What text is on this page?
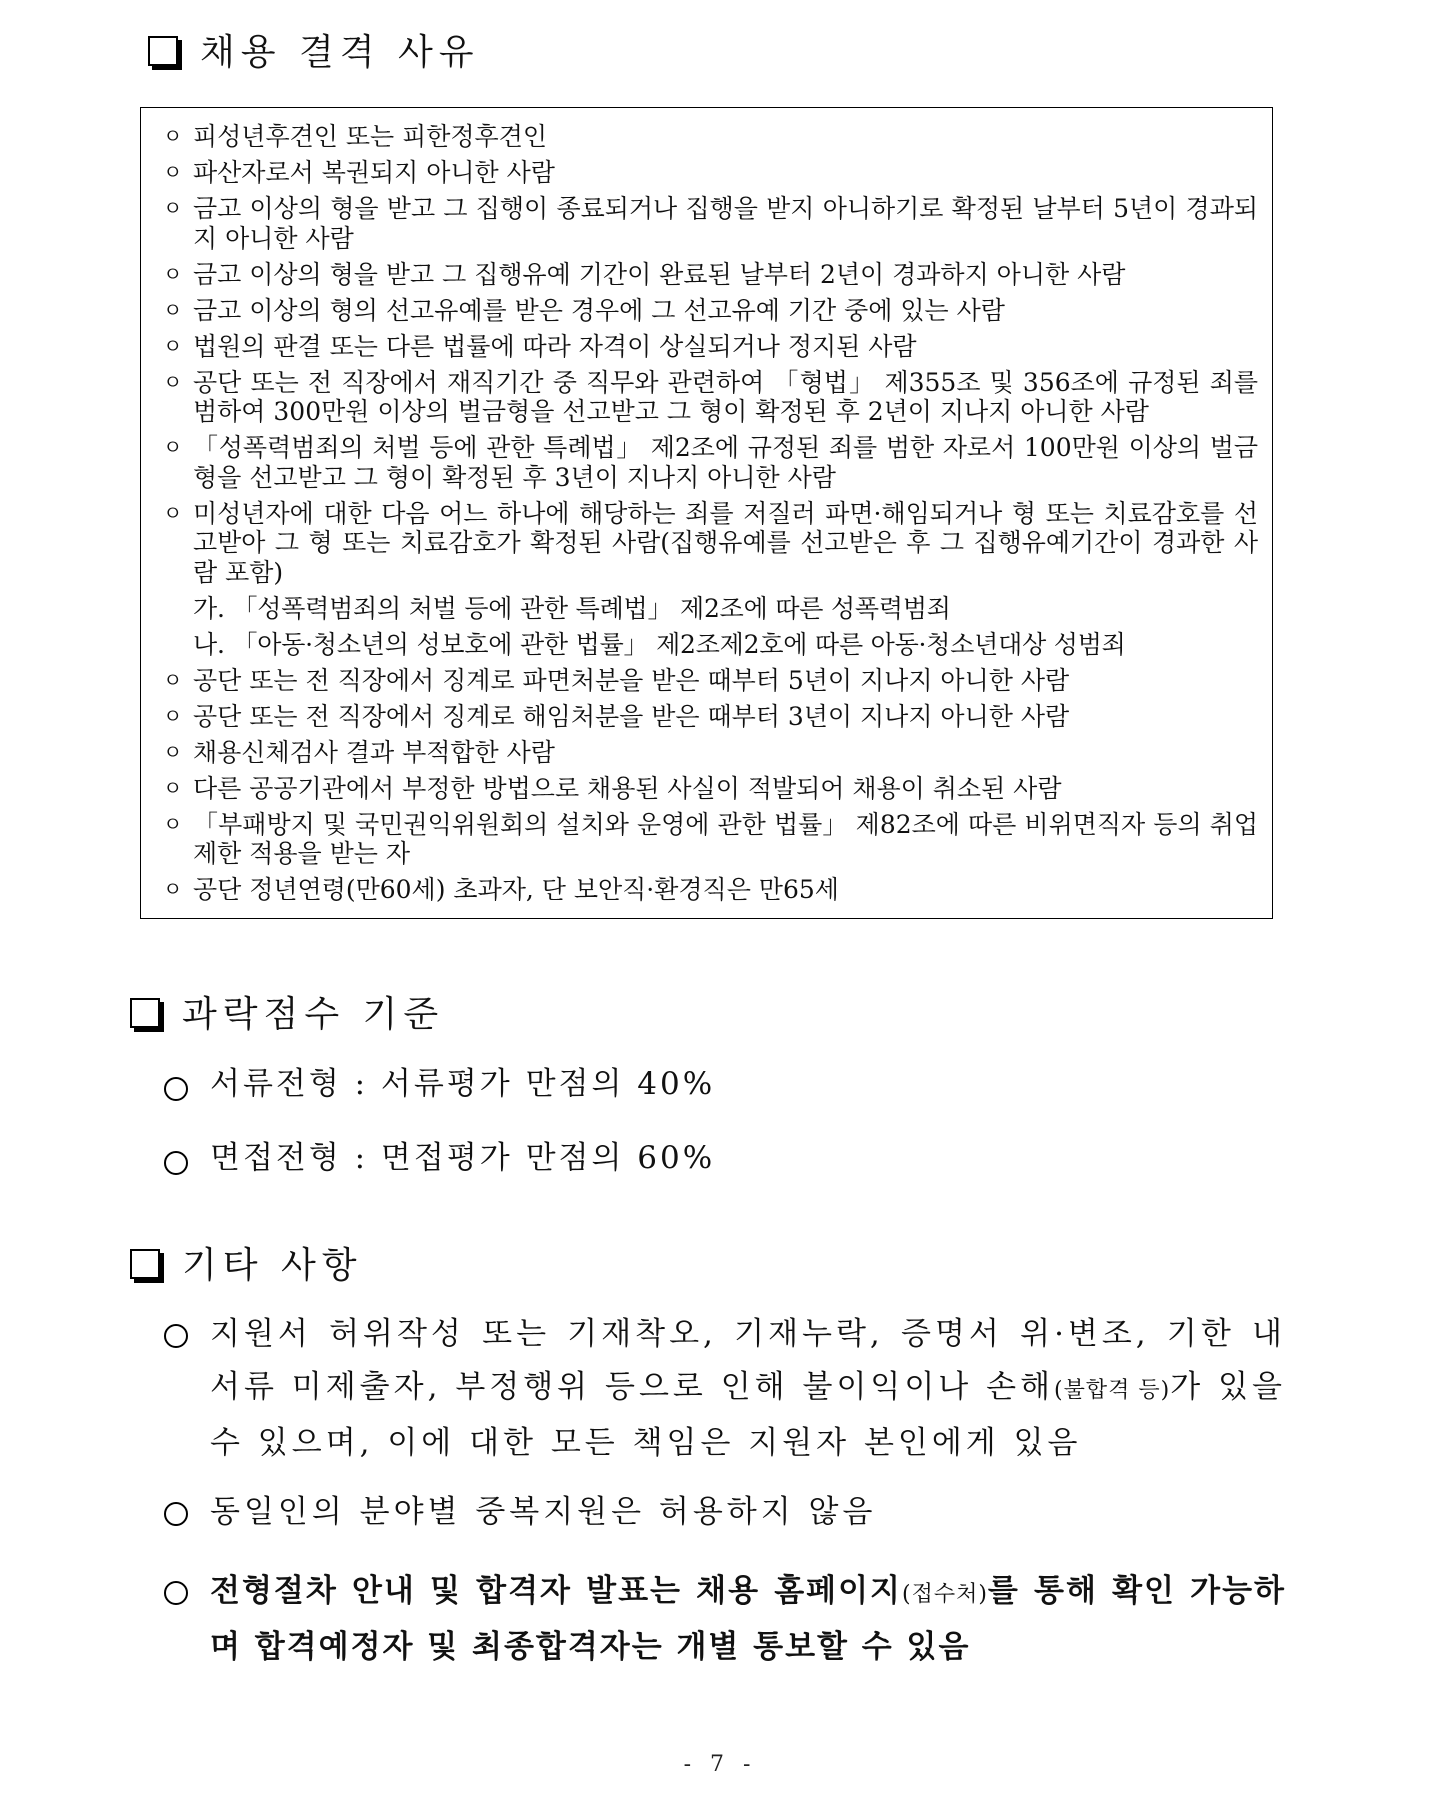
채용 결격 사유
ㅇ 피성년후견인 또는 피한정후견인
ㅇ 파산자로서 복권되지 아니한 사람
ㅇ 금고 이상의 형을 받고 그 집행이 종료되거나 집행을 받지 아니하기로 확정된 날부터 5년이 경과되지 아니한 사람
ㅇ 금고 이상의 형을 받고 그 집행유예 기간이 완료된 날부터 2년이 경과하지 아니한 사람
ㅇ 금고 이상의 형의 선고유예를 받은 경우에 그 선고유예 기간 중에 있는 사람
ㅇ 법원의 판결 또는 다른 법률에 따라 자격이 상실되거나 정지된 사람
ㅇ 공단 또는 전 직장에서 재직기간 중 직무와 관련하여 「형법」 제355조 및 356조에 규정된 죄를 범하여 300만원 이상의 벌금형을 선고받고 그 형이 확정된 후 2년이 지나지 아니한 사람
ㅇ 「성폭력범죄의 처벌 등에 관한 특례법」 제2조에 규정된 죄를 범한 자로서 100만원 이상의 벌금형을 선고받고 그 형이 확정된 후 3년이 지나지 아니한 사람
ㅇ 미성년자에 대한 다음 어느 하나에 해당하는 죄를 저질러 파면·해임되거나 형 또는 치료감호를 선고받아 그 형 또는 치료감호가 확정된 사람(집행유예를 선고받은 후 그 집행유예기간이 경과한 사람 포함)
가. 「성폭력범죄의 처벌 등에 관한 특례법」 제2조에 따른 성폭력범죄
나. 「아동·청소년의 성보호에 관한 법률」 제2조제2호에 따른 아동·청소년대상 성범죄
ㅇ 공단 또는 전 직장에서 징계로 파면처분을 받은 때부터 5년이 지나지 아니한 사람
ㅇ 공단 또는 전 직장에서 징계로 해임처분을 받은 때부터 3년이 지나지 아니한 사람
ㅇ 채용신체검사 결과 부적합한 사람
ㅇ 다른 공공기관에서 부정한 방법으로 채용된 사실이 적발되어 채용이 취소된 사람
ㅇ 「부패방지 및 국민권익위원회의 설치와 운영에 관한 법률」 제82조에 따른 비위면직자 등의 취업제한 적용을 받는 자
ㅇ 공단 정년연령(만60세) 초과자, 단 보안직·환경직은 만65세
과락점수 기준
서류전형 : 서류평가 만점의 40%
면접전형 : 면접평가 만점의 60%
기타 사항
지원서 허위작성 또는 기재착오, 기재누락, 증명서 위·변조, 기한 내 서류 미제출자, 부정행위 등으로 인해 불이익이나 손해(불합격 등)가 있을 수 있으며, 이에 대한 모든 책임은 지원자 본인에게 있음
동일인의 분야별 중복지원은 허용하지 않음
전형절차 안내 및 합격자 발표는 채용 홈페이지(접수처)를 통해 확인 가능하며 합격예정자 및 최종합격자는 개별 통보할 수 있음
- 7 -
